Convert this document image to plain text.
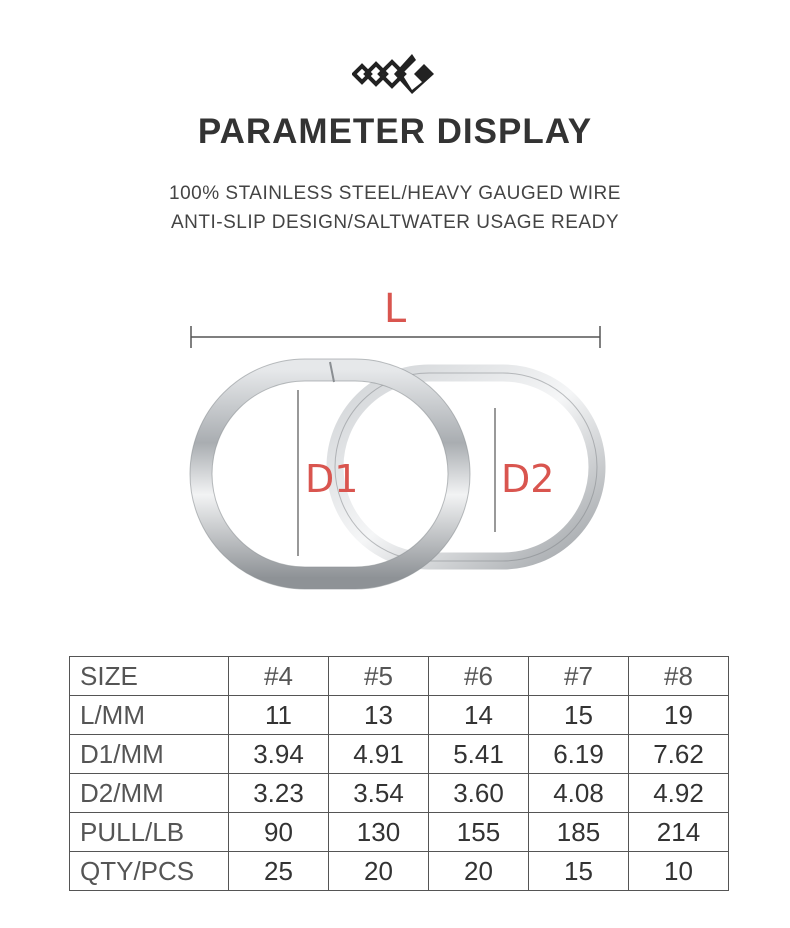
PARAMETER DISPLAY
100% STAINLESS STEEL/HEAVY GAUGED WIRE
ANTI-SLIP DESIGN/SALTWATER USAGE READY
L
D1	D2
SIZE	#4	#5	#6	#7	#8
L/MM	11	13	14	15	19
D1/MM	3.94	4.91	5.41	6.19	7.62
D2/MM	3.23	3.54	3.60	4.08	4.92
PULL/LB	90	130	155	185	214
QTY/PCS	25	20	20	15	10
